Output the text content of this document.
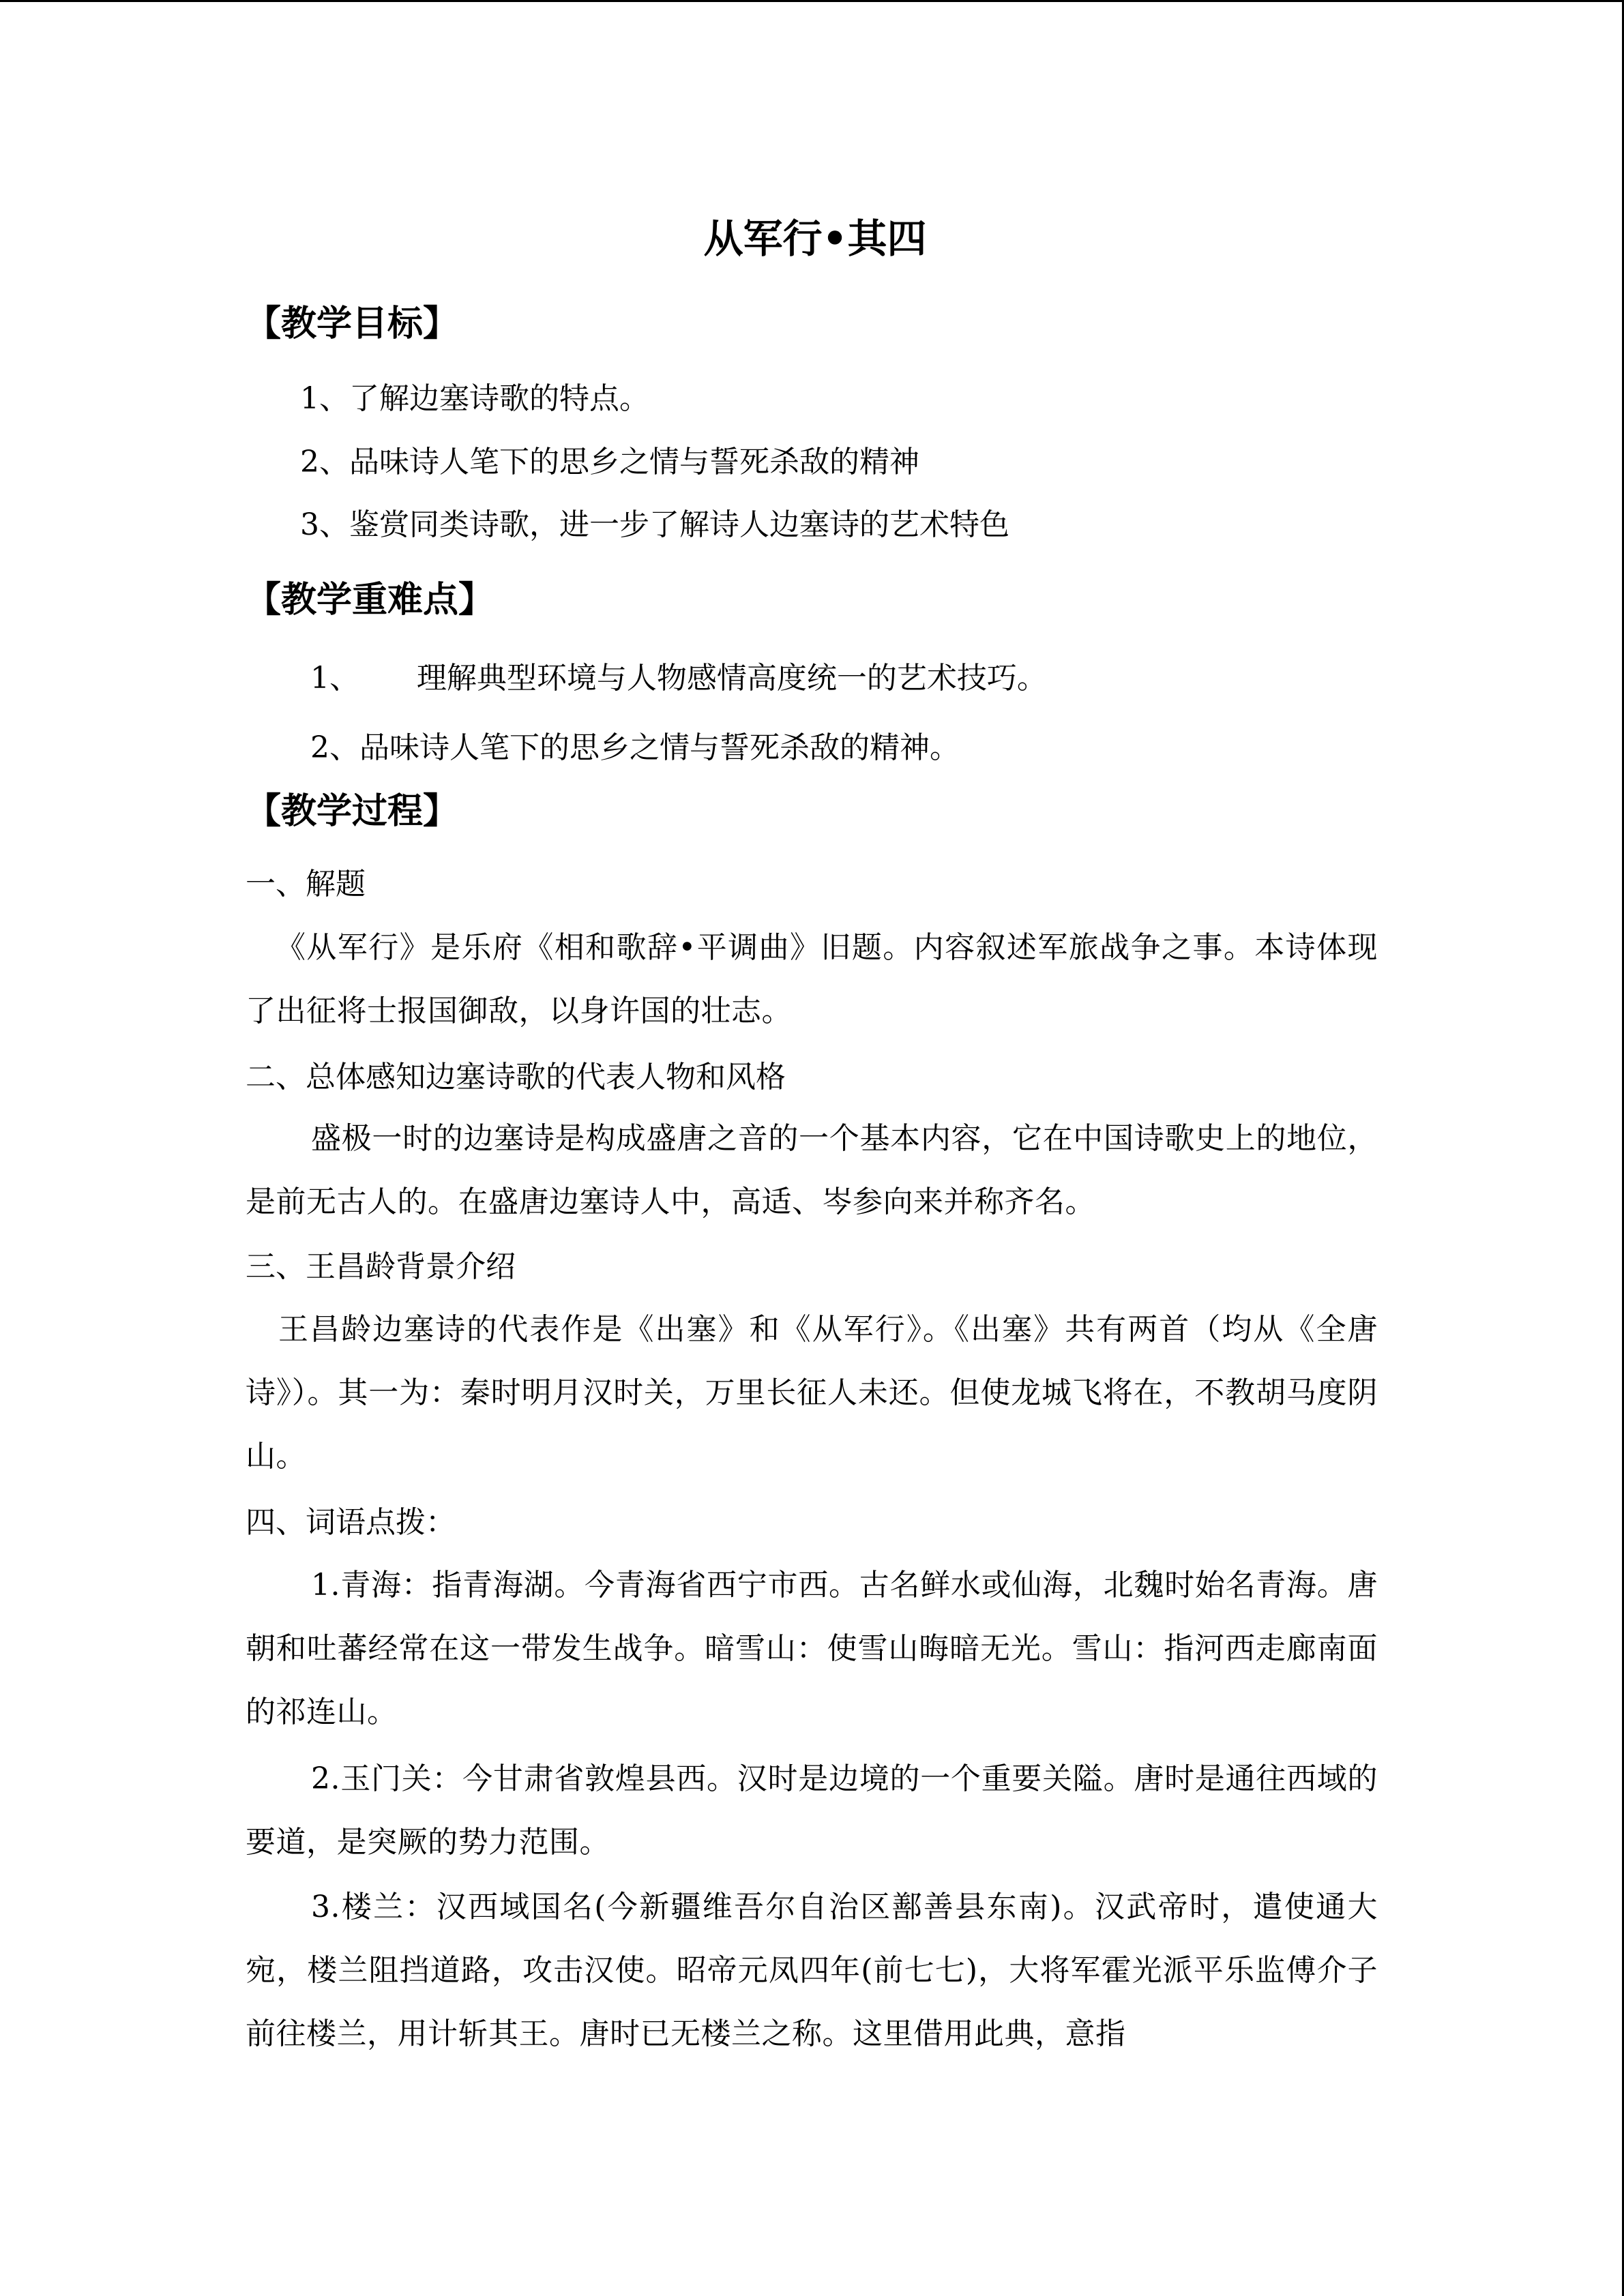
从军行•其四
【教学目标】
1、了解边塞诗歌的特点。
2、品味诗人笔下的思乡之情与誓死杀敌的精神
3、鉴赏同类诗歌，进一步了解诗人边塞诗的艺术特色
【教学重难点】
1、      理解典型环境与人物感情高度统一的艺术技巧。
2、品味诗人笔下的思乡之情与誓死杀敌的精神。
【教学过程】
一、解题
《从军行》是乐府《相和歌辞•平调曲》旧题。内容叙述军旅战争之事。本诗体现了出征将士报国御敌，以身许国的壮志。
二、总体感知边塞诗歌的代表人物和风格
盛极一时的边塞诗是构成盛唐之音的一个基本内容，它在中国诗歌史上的地位，是前无古人的。在盛唐边塞诗人中，高适、岑参向来并称齐名。
三、王昌龄背景介绍
王昌龄边塞诗的代表作是《出塞》和《从军行》。《出塞》共有两首（均从《全唐诗》）。其一为：秦时明月汉时关，万里长征人未还。但使龙城飞将在，不教胡马度阴山。
四、词语点拨：
1.青海：指青海湖。今青海省西宁市西。古名鲜水或仙海，北魏时始名青海。唐朝和吐蕃经常在这一带发生战争。暗雪山：使雪山晦暗无光。雪山：指河西走廊南面的祁连山。
2.玉门关：今甘肃省敦煌县西。汉时是边境的一个重要关隘。唐时是通往西域的要道，是突厥的势力范围。
3.楼兰：汉西域国名(今新疆维吾尔自治区鄯善县东南)。汉武帝时，遣使通大宛，楼兰阻挡道路，攻击汉使。昭帝元凤四年(前七七)，大将军霍光派平乐监傅介子前往楼兰，用计斩其王。唐时已无楼兰之称。这里借用此典，意指
